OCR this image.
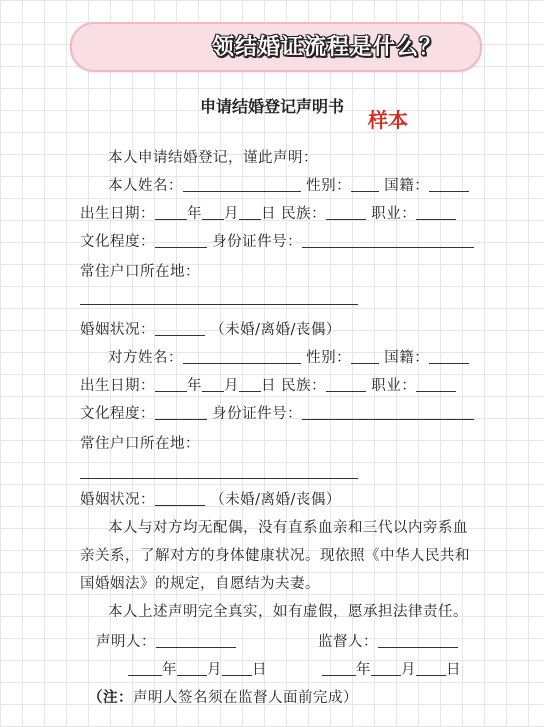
领结婚证流程是什么？
申请结婚登记声明书
样本
本人申请结婚登记，谨此声明：
本人姓名：	性别： 国籍：
出生日期： 年 月 日 民族：	职业：
文化程度：	身份证件号：
常住户口所在地：
婚姻状况：	（未婚/离婚/丧偶）
对方姓名：	性别： 国籍：
出生日期： 年 月 日 民族：	职业：
文化程度：	身份证件号：
常住户口所在地：
婚姻状况：	（未婚/离婚/丧偶）
本人与对方均无配偶，没有直系血亲和三代以内旁系血
亲关系，了解对方的身体健康状况。现依照《中华人民共和
国婚姻法》的规定，自愿结为夫妻。
本人上述声明完全真实，如有虚假，愿承担法律责任。
声明人：	监督人：
年 月 日	年 月 日
（注：声明人签名须在监督人面前完成）
